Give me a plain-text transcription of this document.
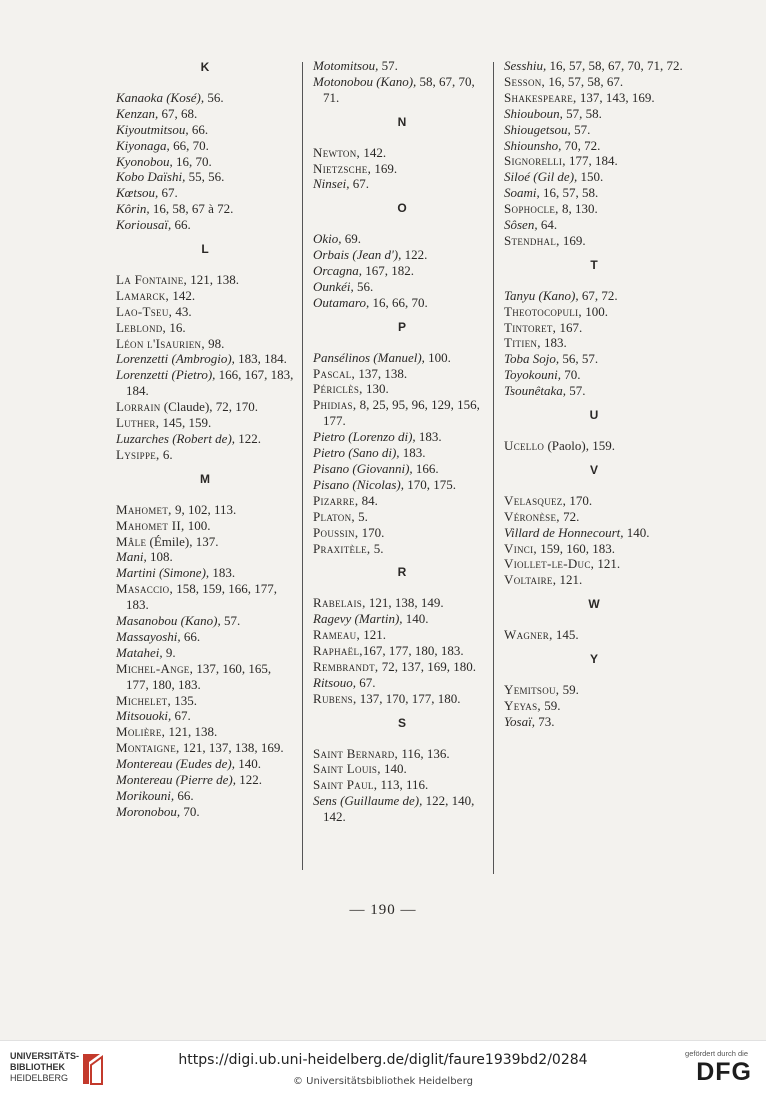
K
Kanaoka (Kosé), 56.
Kenzan, 67, 68.
Kiyoutmitsou, 66.
Kiyonaga, 66, 70.
Kyonobou, 16, 70.
Kobo Daïshi, 55, 56.
Kœtsou, 67.
Kôrin, 16, 58, 67 à 72.
Koriousaï, 66.
L
La Fontaine, 121, 138.
Lamarck, 142.
Lao-Tseu, 43.
Leblond, 16.
Léon l'Isaurien, 98.
Lorenzetti (Ambrogio), 183, 184.
Lorenzetti (Pietro), 166, 167, 183, 184.
Lorrain (Claude), 72, 170.
Luther, 145, 159.
Luzarches (Robert de), 122.
Lysippe, 6.
M
Mahomet, 9, 102, 113.
Mahomet II, 100.
Mâle (Émile), 137.
Mani, 108.
Martini (Simone), 183.
Masaccio, 158, 159, 166, 177, 183.
Masanobou (Kano), 57.
Massayoshi, 66.
Matahei, 9.
Michel-Ange, 137, 160, 165, 177, 180, 183.
Michelet, 135.
Mitsouoki, 67.
Molière, 121, 138.
Montaigne, 121, 137, 138, 169.
Montereau (Eudes de), 140.
Montereau (Pierre de), 122.
Morikouni, 66.
Moronobou, 70.
Motomitsou, 57.
Motonobou (Kano), 58, 67, 70, 71.
N
Newton, 142.
Nietzsche, 169.
Ninsei, 67.
O
Okio, 69.
Orbais (Jean d'), 122.
Orcagna, 167, 182.
Ounkéi, 56.
Outamaro, 16, 66, 70.
P
Pansélinos (Manuel), 100.
Pascal, 137, 138.
Périclès, 130.
Phidias, 8, 25, 95, 96, 129, 156, 177.
Pietro (Lorenzo di), 183.
Pietro (Sano di), 183.
Pisano (Giovanni), 166.
Pisano (Nicolas), 170, 175.
Pizarre, 84.
Platon, 5.
Poussin, 170.
Praxitèle, 5.
R
Rabelais, 121, 138, 149.
Ragevy (Martin), 140.
Rameau, 121.
Raphaël,167, 177, 180, 183.
Rembrandt, 72, 137, 169, 180.
Ritsouo, 67.
Rubens, 137, 170, 177, 180.
S
Saint Bernard, 116, 136.
Saint Louis, 140.
Saint Paul, 113, 116.
Sens (Guillaume de), 122, 140, 142.
Sesshiu, 16, 57, 58, 67, 70, 71, 72.
Sesson, 16, 57, 58, 67.
Shakespeare, 137, 143, 169.
Shiouboun, 57, 58.
Shiougetsou, 57.
Shiounsho, 70, 72.
Signorelli, 177, 184.
Siloé (Gil de), 150.
Soami, 16, 57, 58.
Sophocle, 8, 130.
Sôsen, 64.
Stendhal, 169.
T
Tanyu (Kano), 67, 72.
Theotocopuli, 100.
Tintoret, 167.
Titien, 183.
Toba Sojo, 56, 57.
Toyokouni, 70.
Tsounêtaka, 57.
U
Ucello (Paolo), 159.
V
Velasquez, 170.
Véronèse, 72.
Villard de Honnecourt, 140.
Vinci, 159, 160, 183.
Viollet-le-Duc, 121.
Voltaire, 121.
W
Wagner, 145.
Y
Yemitsou, 59.
Yeyas, 59.
Yosaï, 73.
— 190 —
UNIVERSITÄTS-
BIBLIOTHEK
HEIDELBERG
https://digi.ub.uni-heidelberg.de/diglit/faure1939bd2/0284
© Universitätsbibliothek Heidelberg
gefördert durch die
DFG
